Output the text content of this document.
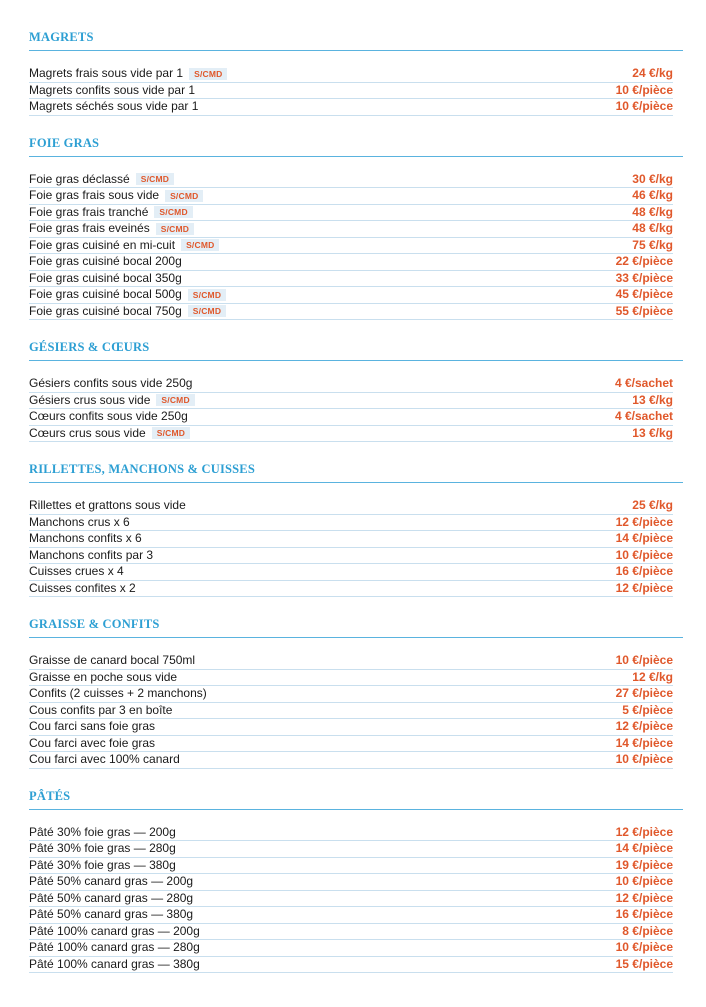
MAGRETS
Magrets frais sous vide par 1	S/CMD	24 €/kg
Magrets confits sous vide par 1	10 €/pièce
Magrets séchés sous vide par 1	10 €/pièce
FOIE GRAS
Foie gras déclassé	S/CMD	30 €/kg
Foie gras frais sous vide	S/CMD	46 €/kg
Foie gras frais tranché	S/CMD	48 €/kg
Foie gras frais eveinés	S/CMD	48 €/kg
Foie gras cuisiné en mi-cuit	S/CMD	75 €/kg
Foie gras cuisiné bocal 200g	22 €/pièce
Foie gras cuisiné bocal 350g	33 €/pièce
Foie gras cuisiné bocal 500g	S/CMD	45 €/pièce
Foie gras cuisiné bocal 750g	S/CMD	55 €/pièce
GÉSIERS & CŒURS
Gésiers confits sous vide 250g	4 €/sachet
Gésiers crus sous vide	S/CMD	13 €/kg
Cœurs confits sous vide 250g	4 €/sachet
Cœurs crus sous vide	S/CMD	13 €/kg
RILLETTES, MANCHONS & CUISSES
Rillettes et grattons sous vide	25 €/kg
Manchons crus x 6	12 €/pièce
Manchons confits x 6	14 €/pièce
Manchons confits par 3	10 €/pièce
Cuisses crues x 4	16 €/pièce
Cuisses confites x 2	12 €/pièce
GRAISSE & CONFITS
Graisse de canard bocal 750ml	10 €/pièce
Graisse en poche sous vide	12 €/kg
Confits (2 cuisses + 2 manchons)	27 €/pièce
Cous confits par 3 en boîte	5 €/pièce
Cou farci sans foie gras	12 €/pièce
Cou farci avec foie gras	14 €/pièce
Cou farci avec 100% canard	10 €/pièce
PÂTÉS
Pâté 30% foie gras — 200g	12 €/pièce
Pâté 30% foie gras — 280g	14 €/pièce
Pâté 30% foie gras — 380g	19 €/pièce
Pâté 50% canard gras — 200g	10 €/pièce
Pâté 50% canard gras — 280g	12 €/pièce
Pâté 50% canard gras — 380g	16 €/pièce
Pâté 100% canard gras — 200g	8 €/pièce
Pâté 100% canard gras — 280g	10 €/pièce
Pâté 100% canard gras — 380g	15 €/pièce
